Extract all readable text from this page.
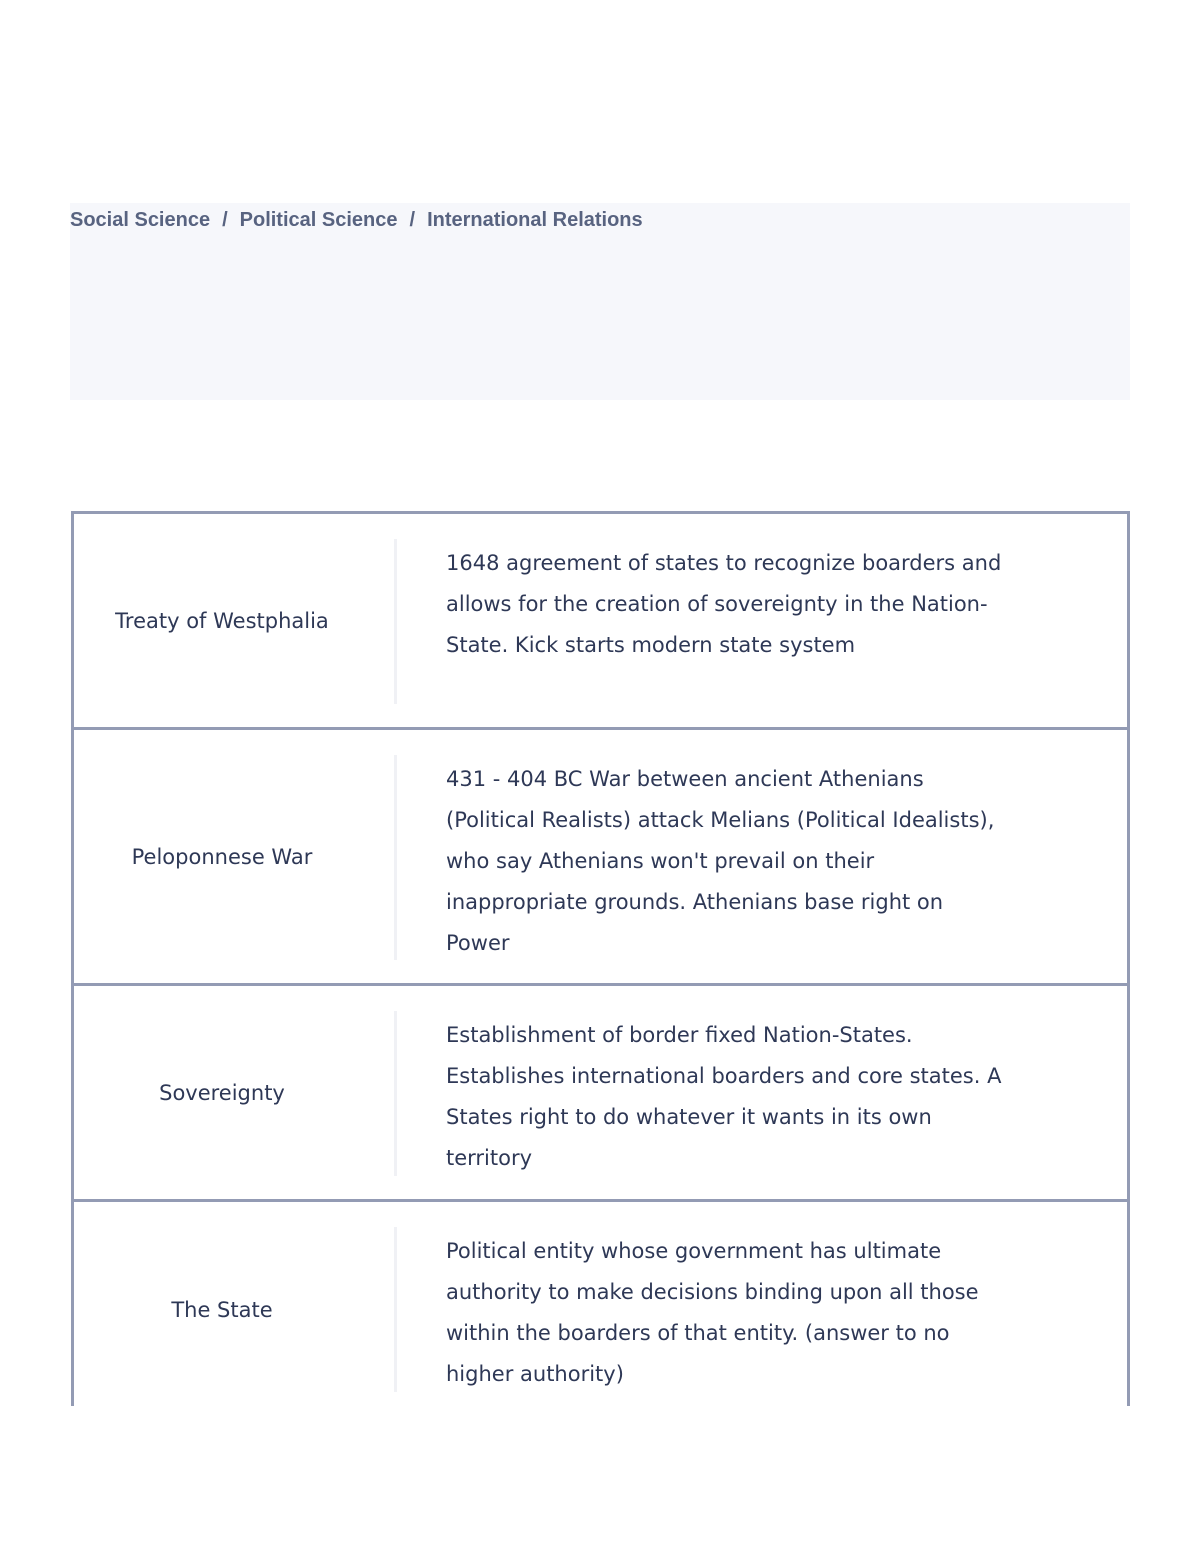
Social Science / Political Science / International Relations
Treaty of Westphalia
1648 agreement of states to recognize boarders and allows for the creation of sovereignty in the Nation-State. Kick starts modern state system
Peloponnese War
431 - 404 BC War between ancient Athenians (Political Realists) attack Melians (Political Idealists), who say Athenians won't prevail on their inappropriate grounds. Athenians base right on Power
Sovereignty
Establishment of border fixed Nation-States. Establishes international boarders and core states. A States right to do whatever it wants in its own territory
The State
Political entity whose government has ultimate authority to make decisions binding upon all those within the boarders of that entity. (answer to no higher authority)
